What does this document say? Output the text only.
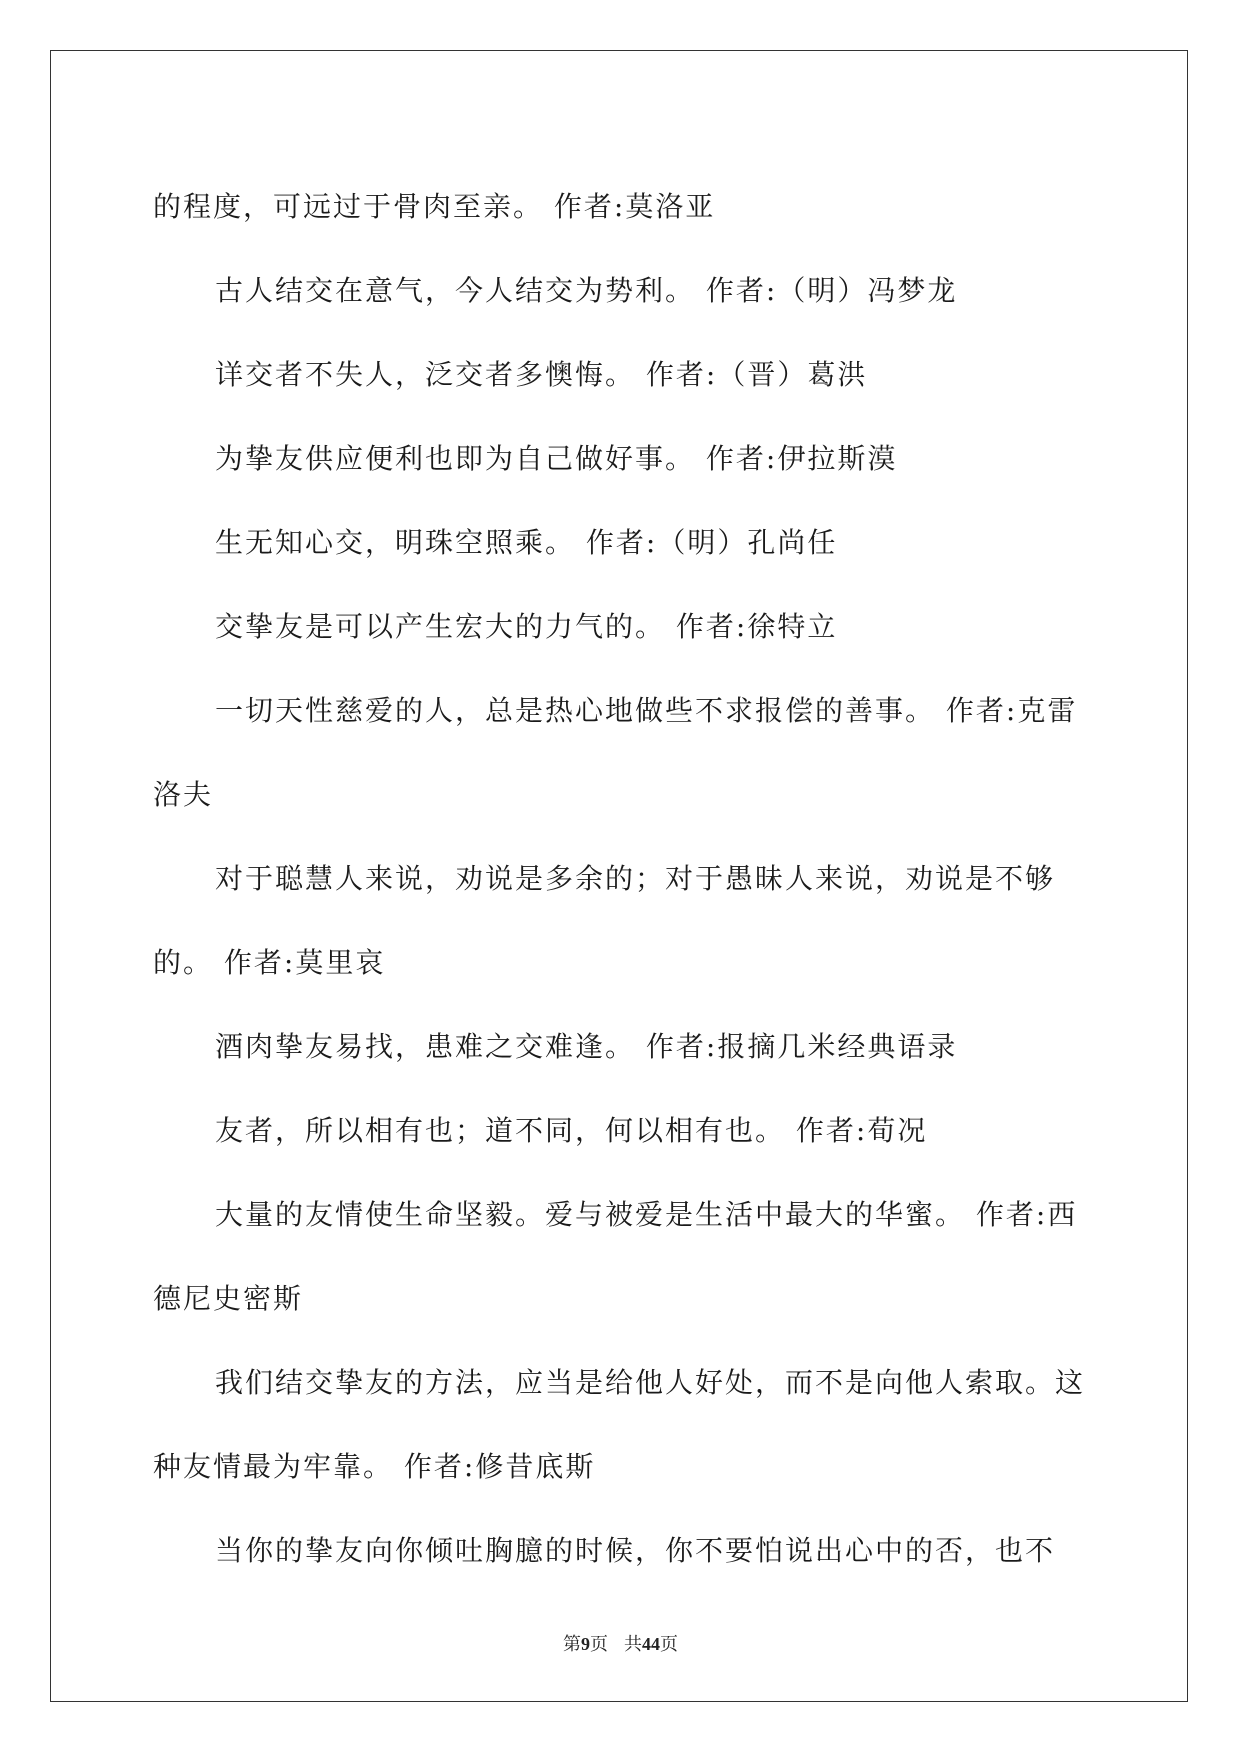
的程度，可远过于骨肉至亲。 作者:莫洛亚

古人结交在意气，今人结交为势利。 作者:（明）冯梦龙

详交者不失人，泛交者多懊悔。 作者:（晋）葛洪

为挚友供应便利也即为自己做好事。 作者:伊拉斯漠

生无知心交，明珠空照乘。 作者:（明）孔尚任

交挚友是可以产生宏大的力气的。 作者:徐特立

一切天性慈爱的人，总是热心地做些不求报偿的善事。 作者:克雷洛夫

对于聪慧人来说，劝说是多余的；对于愚昧人来说，劝说是不够的。 作者:莫里哀

酒肉挚友易找，患难之交难逢。 作者:报摘几米经典语录

友者，所以相有也；道不同，何以相有也。 作者:荀况

大量的友情使生命坚毅。爱与被爱是生活中最大的华蜜。 作者:西德尼史密斯

我们结交挚友的方法，应当是给他人好处，而不是向他人索取。这种友情最为牢靠。 作者:修昔底斯

当你的挚友向你倾吐胸臆的时候，你不要怕说出心中的否，也不

第9页 共44页
